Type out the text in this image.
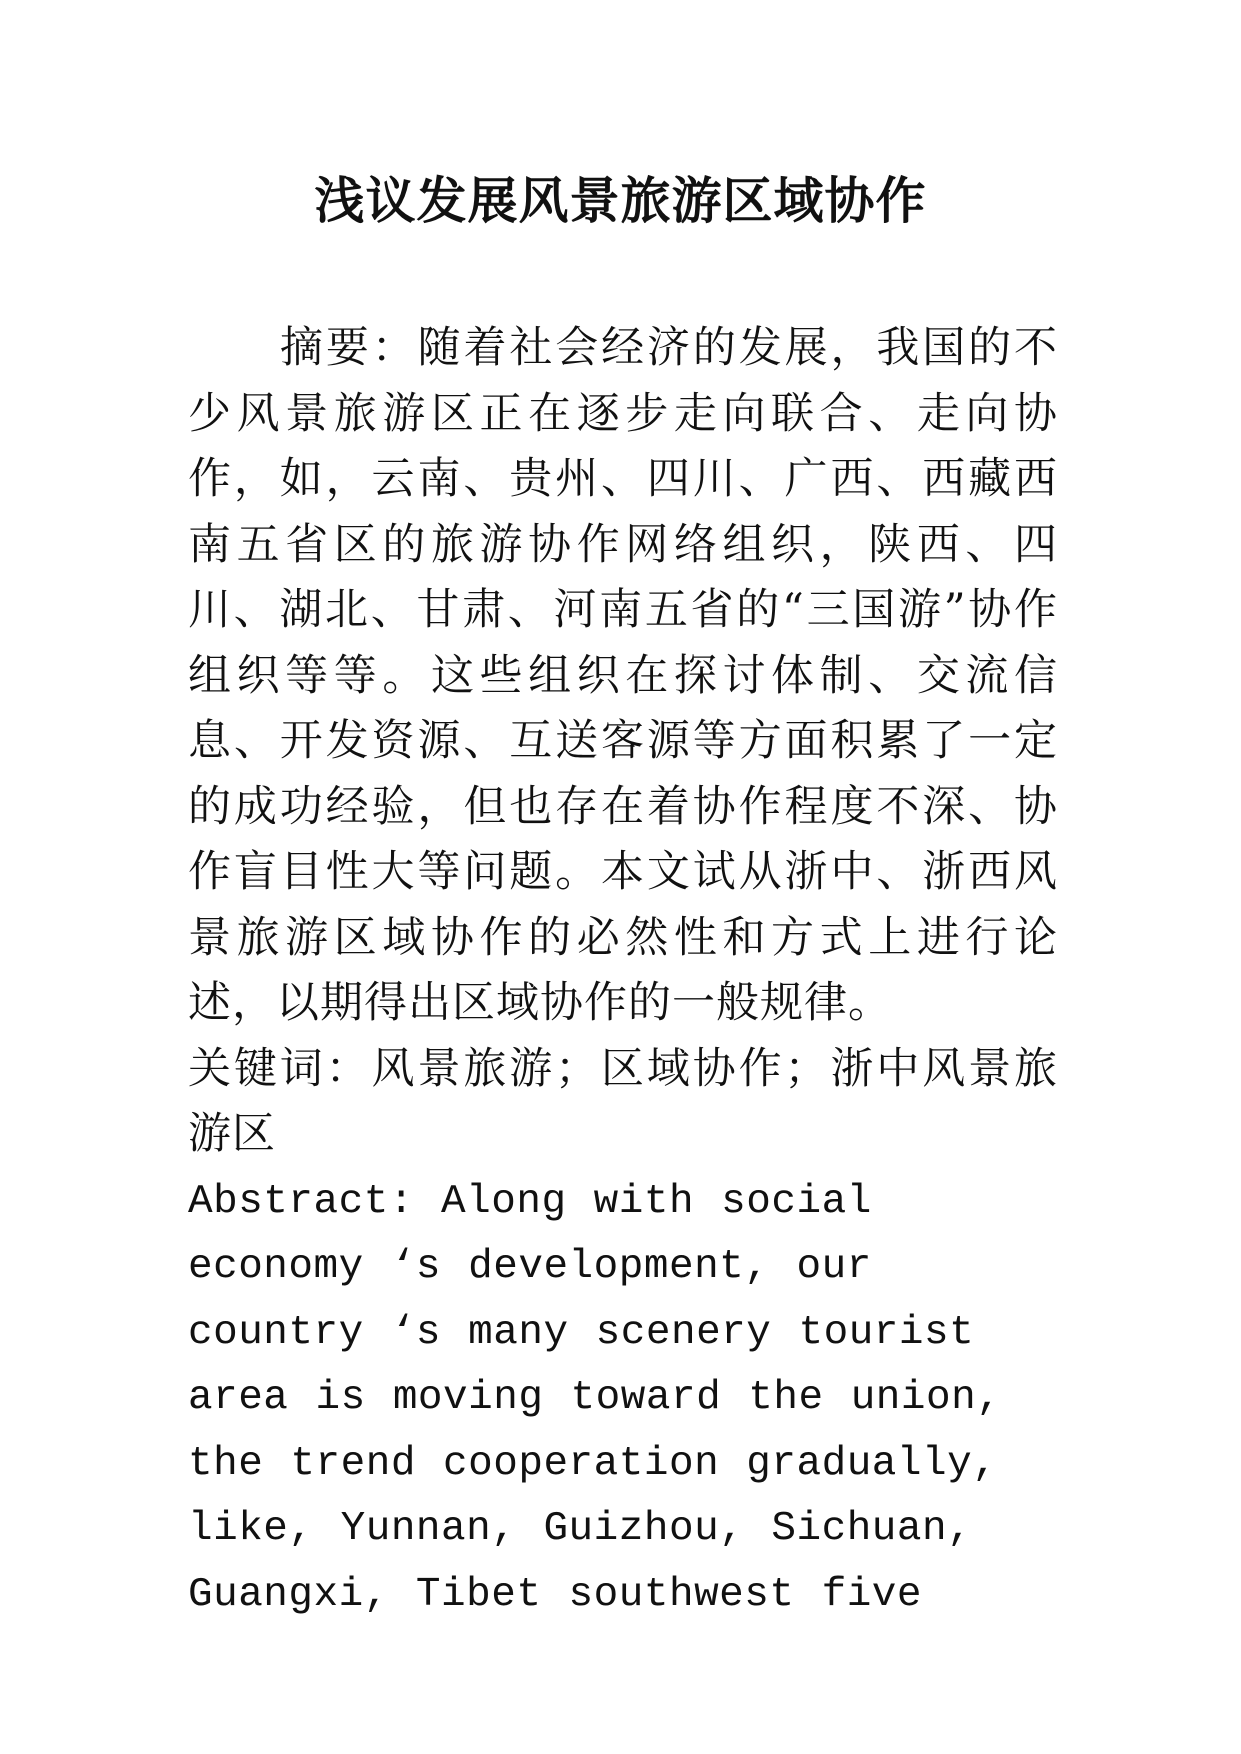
浅议发展风景旅游区域协作

摘要：随着社会经济的发展，我国的不少风景旅游区正在逐步走向联合、走向协作，如，云南、贵州、四川、广西、西藏西南五省区的旅游协作网络组织，陕西、四川、湖北、甘肃、河南五省的“三国游”协作组织等等。这些组织在探讨体制、交流信息、开发资源、互送客源等方面积累了一定的成功经验，但也存在着协作程度不深、协作盲目性大等问题。本文试从浙中、浙西风景旅游区域协作的必然性和方式上进行论述，以期得出区域协作的一般规律。

关键词：风景旅游；区域协作；浙中风景旅游区

Abstract: Along with social economy ‘s development, our country ‘s many scenery tourist area is moving toward the union, the trend cooperation gradually, like, Yunnan, Guizhou, Sichuan, Guangxi, Tibet southwest five
